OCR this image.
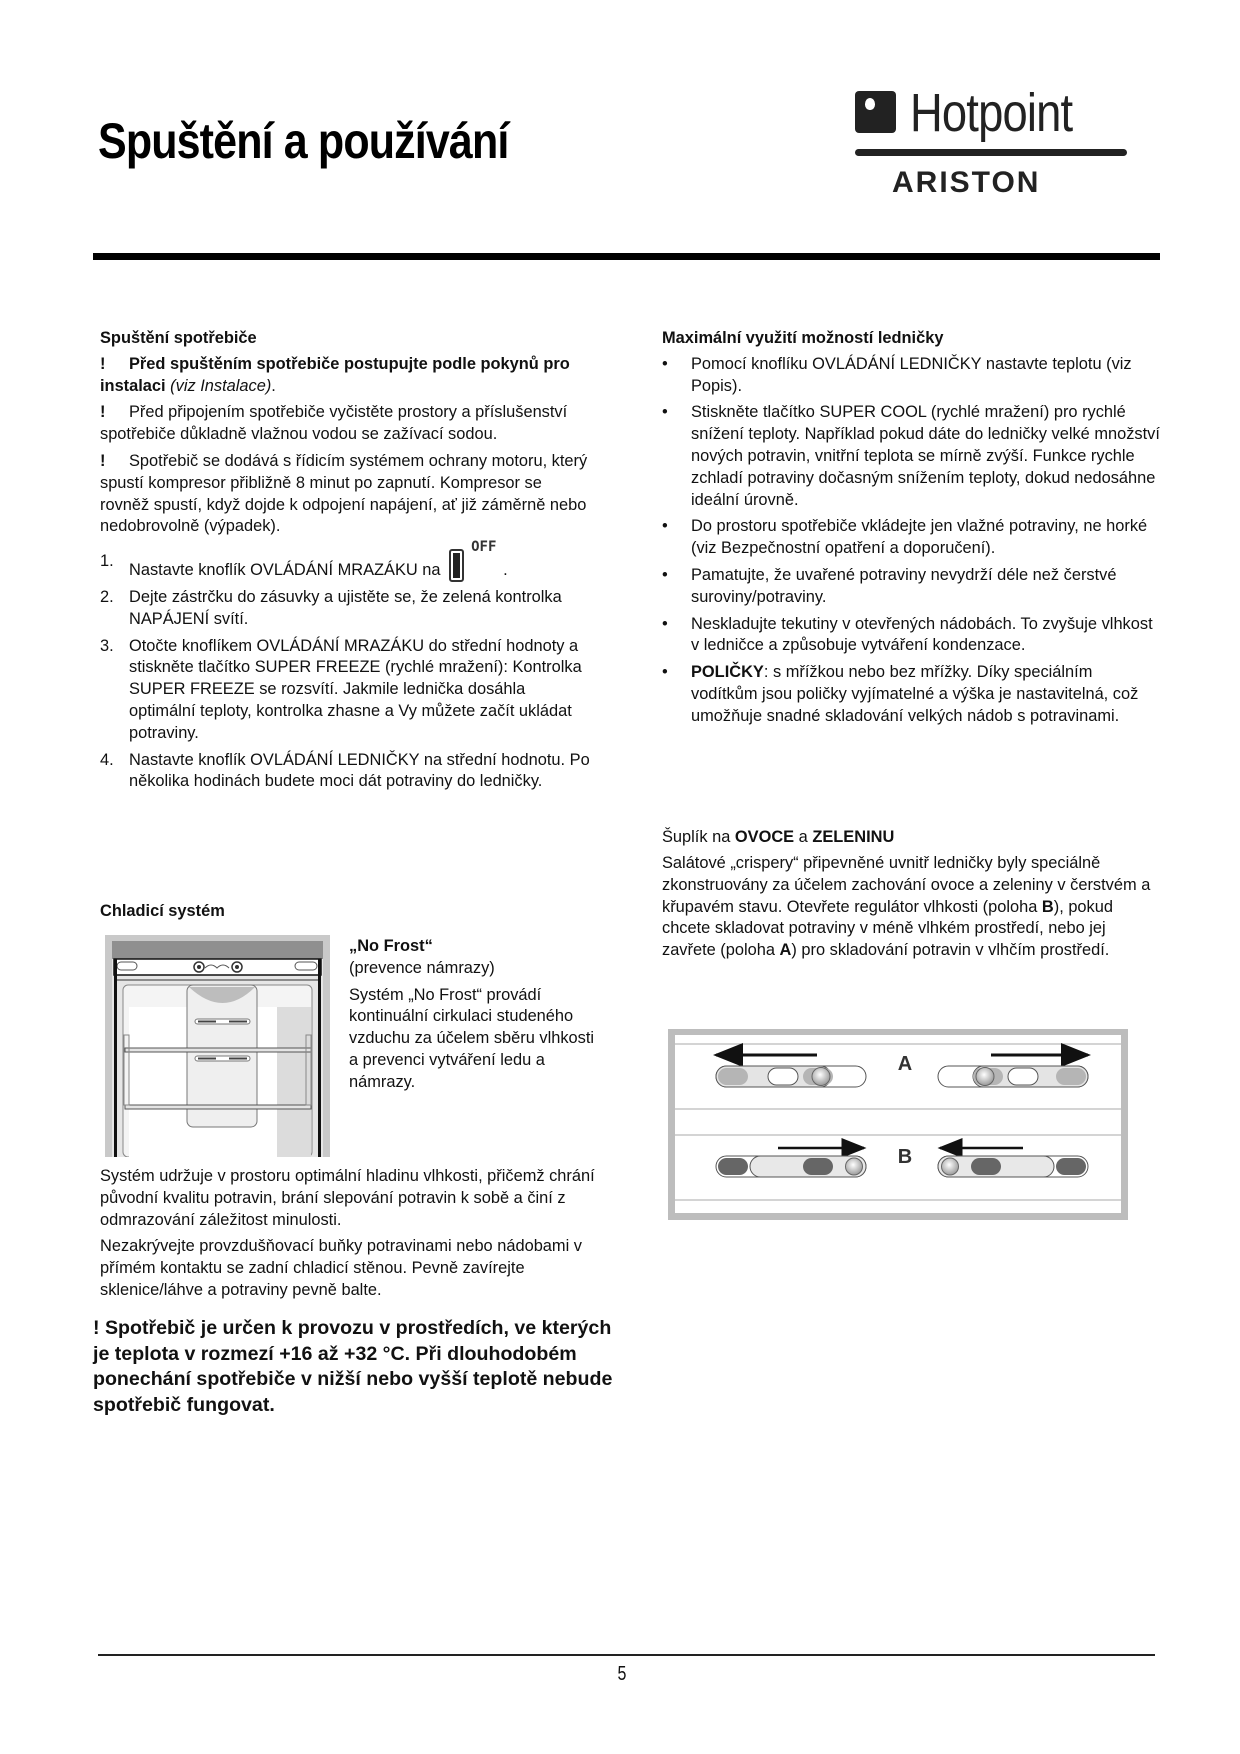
Spuštění a používání	Hotpoint
ARISTON
Spuštění spotřebiče

! Před spuštěním spotřebiče postupujte podle pokynů pro instalaci (viz Instalace).

! Před připojením spotřebiče vyčistěte prostory a příslušenství spotřebiče důkladně vlažnou vodou se zažívací sodou.

! Spotřebič se dodává s řídicím systémem ochrany motoru, který spustí kompresor přibližně 8 minut po zapnutí. Kompresor se rovněž spustí, když dojde k odpojení napájení, ať již záměrně nebo nedobrovolně (výpadek).

1. Nastavte knoflík OVLÁDÁNÍ MRAZÁKU na
OFF
.
2. Dejte zástrčku do zásuvky a ujistěte se, že zelená kontrolka NAPÁJENÍ svítí.
3. Otočte knoflíkem OVLÁDÁNÍ MRAZÁKU do střední hodnoty a stiskněte tlačítko SUPER FREEZE (rychlé mražení): Kontrolka SUPER FREEZE se rozsvítí. Jakmile lednička dosáhla optimální teploty, kontrolka zhasne a Vy můžete začít ukládat potraviny.
4. Nastavte knoflík OVLÁDÁNÍ LEDNIČKY na střední hodnotu. Po několika hodinách budete moci dát potraviny do ledničky.
Chladicí systém
„No Frost“
(prevence námrazy)
Systém „No Frost“ provádí kontinuální cirkulaci studeného vzduchu za účelem sběru vlhkosti a prevenci vytváření ledu a námrazy.

Systém udržuje v prostoru optimální hladinu vlhkosti, přičemž chrání původní kvalitu potravin, brání slepování potravin k sobě a činí z odmrazování záležitost minulosti.

Nezakrývejte provzdušňovací buňky potravinami nebo nádobami v přímém kontaktu se zadní chladicí stěnou. Pevně zavírejte sklenice/láhve a potraviny pevně balte.

! Spotřebič je určen k provozu v prostředích, ve kterých je teplota v rozmezí +16 až +32 °C. Při dlouhodobém ponechání spotřebiče v nižší nebo vyšší teplotě nebude spotřebič fungovat.
Maximální využití možností ledničky
• Pomocí knoflíku OVLÁDÁNÍ LEDNIČKY nastavte teplotu (viz Popis).
• Stiskněte tlačítko SUPER COOL (rychlé mražení) pro rychlé snížení teploty. Například pokud dáte do ledničky velké množství nových potravin, vnitřní teplota se mírně zvýší. Funkce rychle zchladí potraviny dočasným snížením teploty, dokud nedosáhne ideální úrovně.
• Do prostoru spotřebiče vkládejte jen vlažné potraviny, ne horké (viz Bezpečnostní opatření a doporučení).
• Pamatujte, že uvařené potraviny nevydrží déle než čerstvé suroviny/potraviny.
• Neskladujte tekutiny v otevřených nádobách. To zvyšuje vlhkost v ledničce a způsobuje vytváření kondenzace.
• POLIČKY: s mřížkou nebo bez mřížky. Díky speciálním vodítkům jsou poličky vyjímatelné a výška je nastavitelná, což umožňuje snadné skladování velkých nádob s potravinami.
Šuplík na OVOCE a ZELENINU
Salátové „crispery“ připevněné uvnitř ledničky byly speciálně zkonstruovány za účelem zachování ovoce a zeleniny v čerstvém a křupavém stavu. Otevřete regulátor vlhkosti (poloha B), pokud chcete skladovat potraviny v méně vlhkém prostředí, nebo jej zavřete (poloha A) pro skladování potravin v vlhčím prostředí.
A
B
5
